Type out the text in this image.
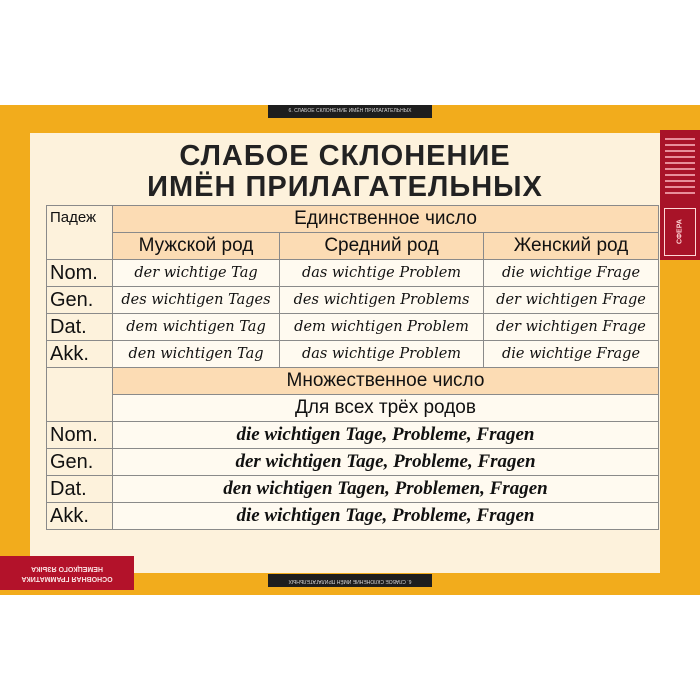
6. СЛАБОЕ СКЛОНЕНИЕ ИМЁН ПРИЛАГАТЕЛЬНЫХ
СФЕРА
СЛАБОЕ СКЛОНЕНИЕ
ИМЁН ПРИЛАГАТЕЛЬНЫХ
Падеж	Единственное число		
	Мужской род	Средний род	Женский род
Nom.	der wichtige Tag	das wichtige Problem	die wichtige Frage
Gen.	des wichtigen Tages	des wichtigen Problems	der wichtigen Frage
Dat.	dem wichtigen Tag	dem wichtigen Problem	der wichtigen Frage
Akk.	den wichtigen Tag	das wichtige Problem	die wichtige Frage
	Множественное число		
	Для всех трёх родов		
Nom.	die wichtigen Tage, Probleme, Fragen		
Gen.	der wichtigen Tage, Probleme, Fragen		
Dat.	den wichtigen Tagen, Problemen, Fragen		
Akk.	die wichtigen Tage, Probleme, Fragen		
6. СЛАБОЕ СКЛОНЕНИЕ ИМЁН ПРИЛАГАТЕЛЬНЫХ
ОСНОВНАЯ ГРАММАТИКА
НЕМЕЦКОГО ЯЗЫКА
